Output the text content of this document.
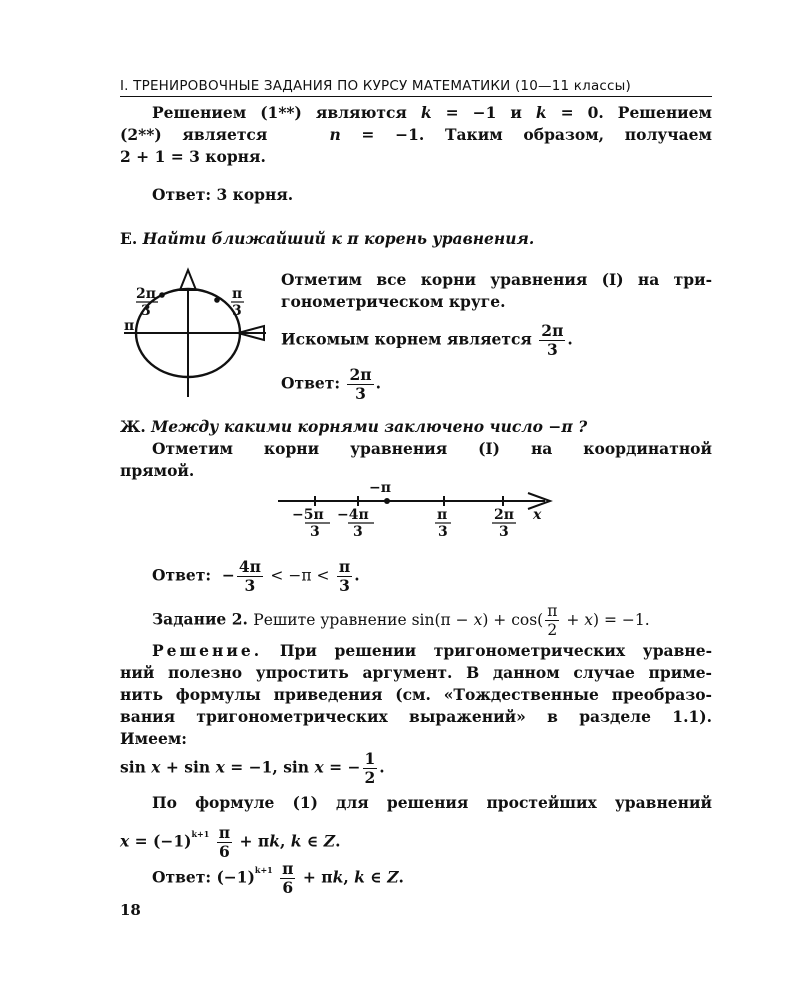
I. ТРЕНИРОВОЧНЫЕ ЗАДАНИЯ ПО КУРСУ МАТЕМАТИКИ (10—11 классы)
Решением (1**) являются k = −1 и k = 0. Решением
(2**) является	n = −1. Таким образом, получаем
2 + 1 = 3 корня.
Ответ: 3 корня.
Е. Найти ближайший к π корень уравнения.
2π
3
π
3
π
Отметим все корни уравнения (I) на три-
гонометрическом круге.
Искомым корнем является $\frac{2\pi}{3}$ .
Ответ: $\frac{2\pi}{3}$ .
Ж. Между какими корнями заключено число −π ?
Отметим корни уравнения (I) на координатной
прямой.
−π
−5π
3
−4π
3
π
3
2π
3
x
Ответ: − $\frac{4\pi}{3} < -\pi < \frac{\pi}{3}$ .
Задание 2. Решите уравнение $\sin(\pi - x) + \cos( \frac{\pi}{2} + x) = -1$.
Решение. При решении тригонометрических уравне-
ний полезно упростить аргумент. В данном случае приме-
нить формулы приведения (см. «Тождественные преобразо-
вания тригонометрических выражений» в разделе 1.1).
Имеем:
sin x + sin x = −1, sin x = − $\frac{1}{2}$ .
По формуле (1) для решения простейших уравнений
$x = (-1)^{k+1} \frac{\pi}{6} + \pi k$, k ∈ Z.
Ответ: $(-1)^{k+1} \frac{\pi}{6} + \pi k$, k ∈ Z.
18
